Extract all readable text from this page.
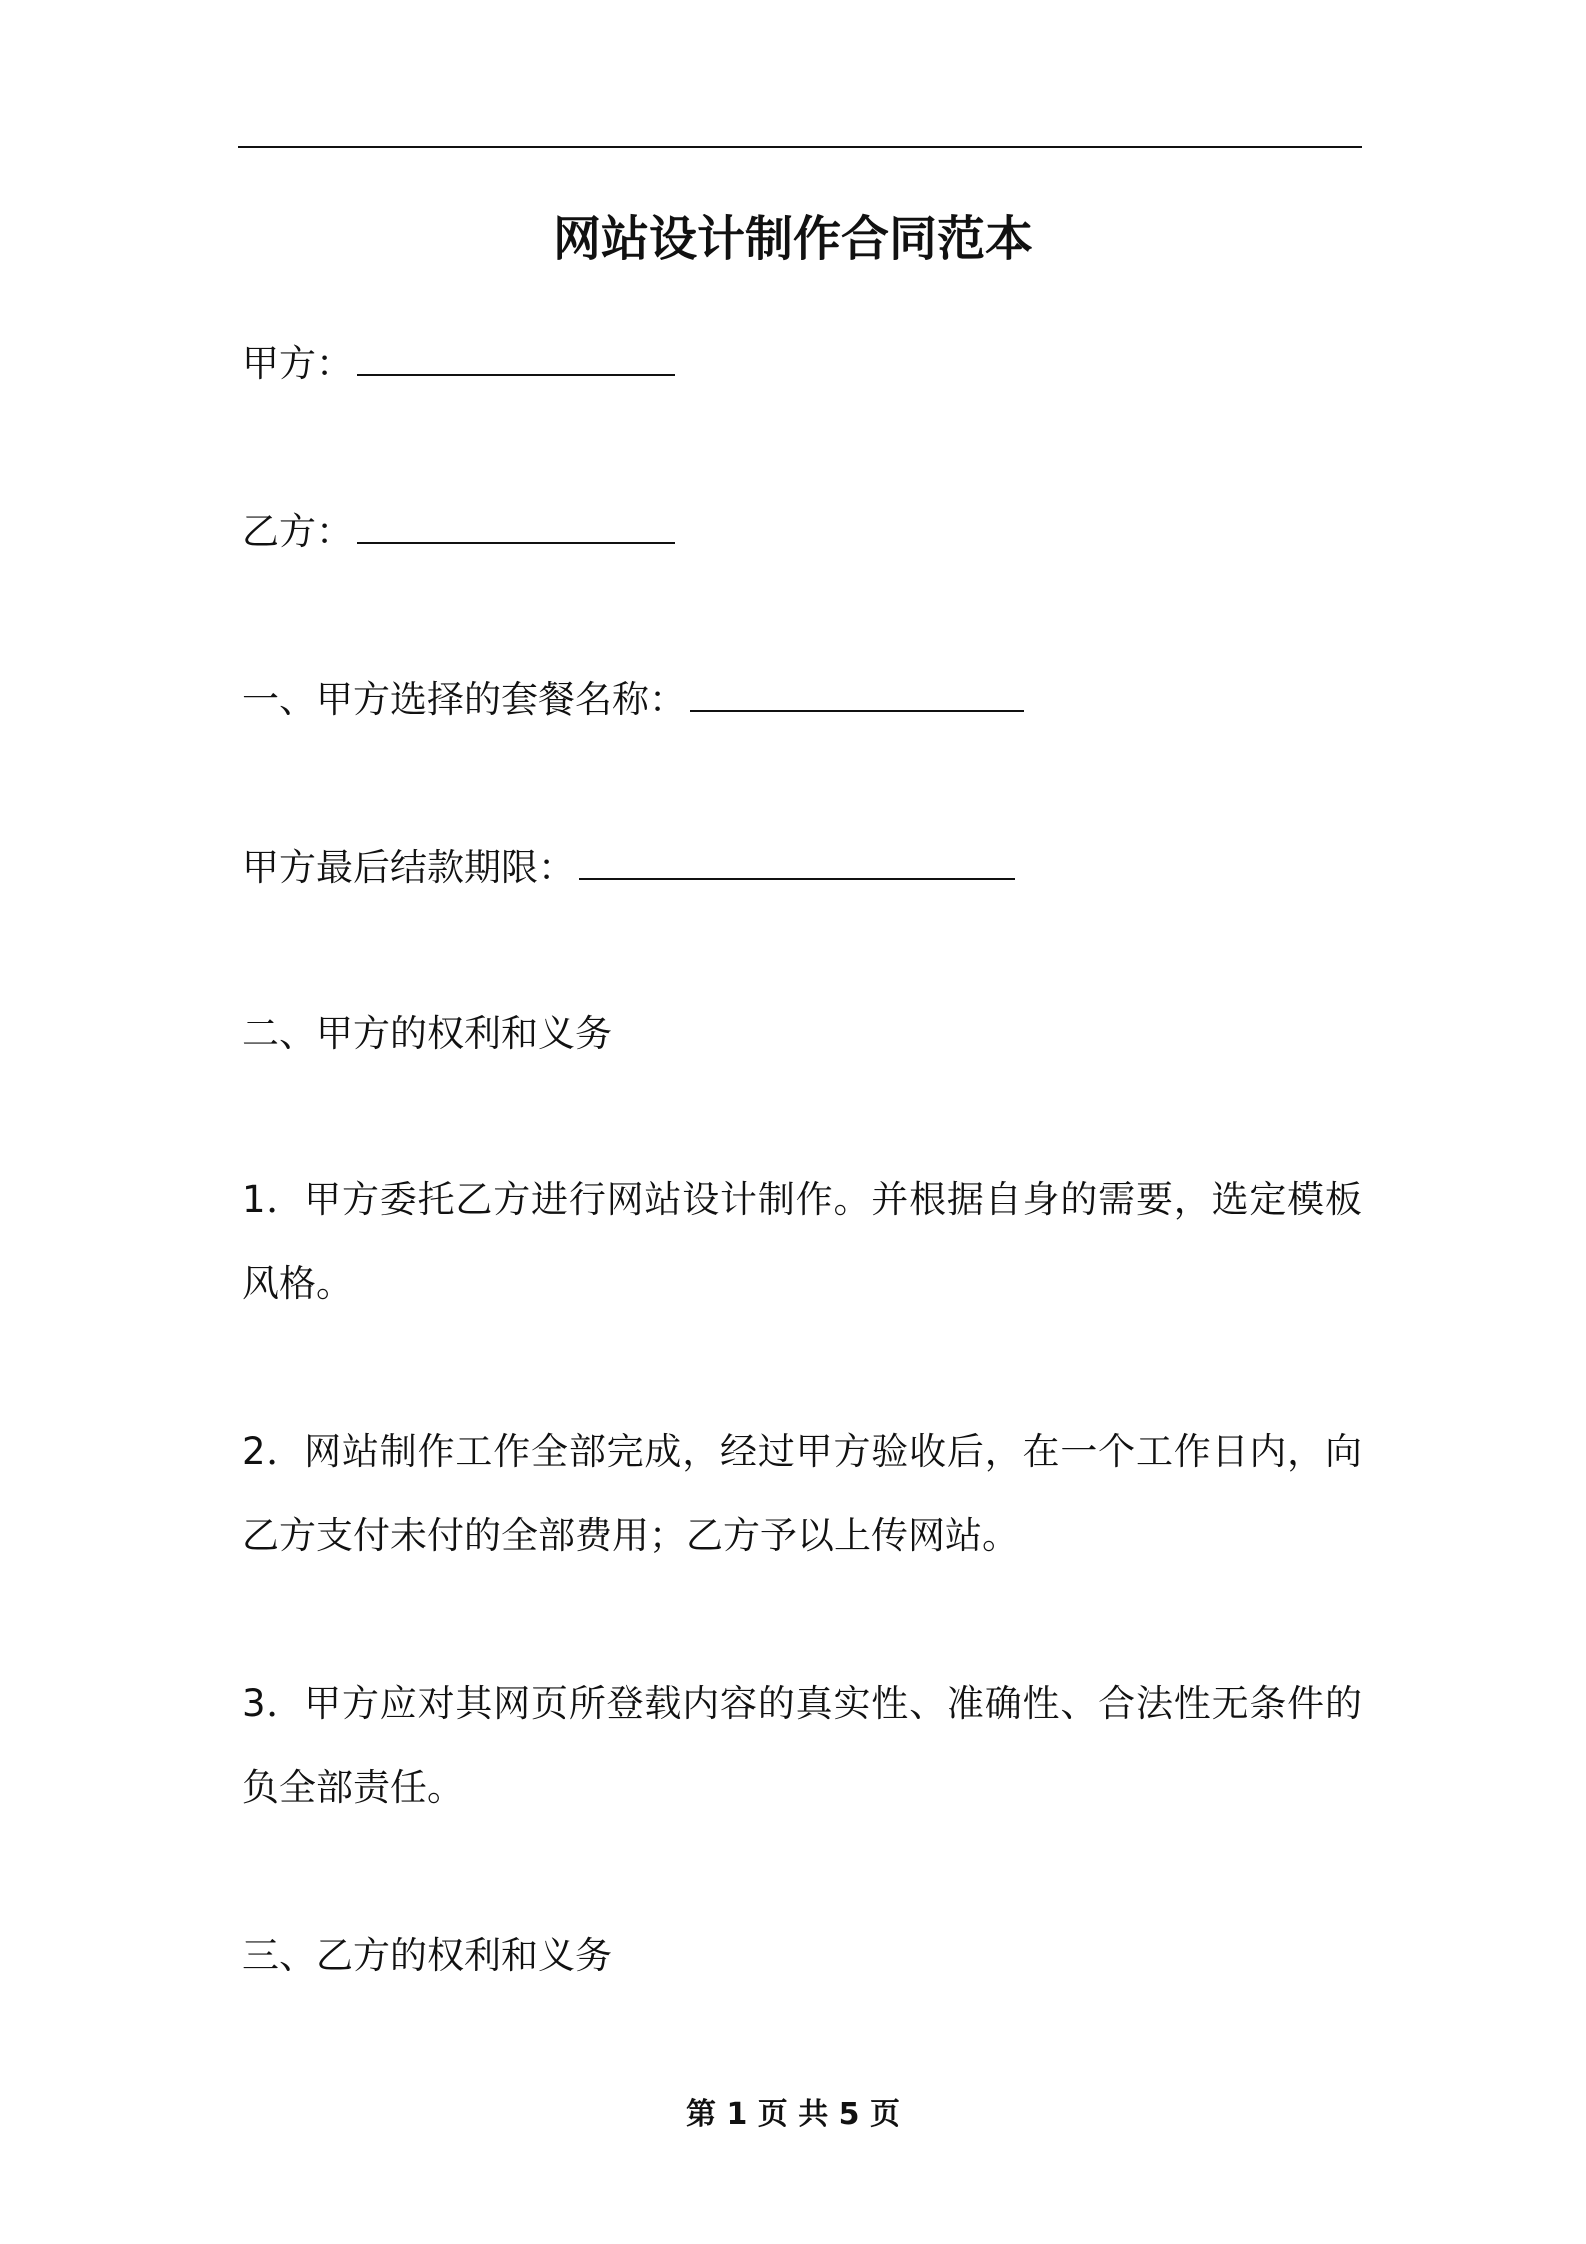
网站设计制作合同范本
甲方：
乙方：
一、甲方选择的套餐名称：
甲方最后结款期限：
二、甲方的权利和义务
1．甲方委托乙方进行网站设计制作。并根据自身的需要，选定模板风格。
2．网站制作工作全部完成，经过甲方验收后，在一个工作日内，向乙方支付未付的全部费用；乙方予以上传网站。
3．甲方应对其网页所登载内容的真实性、准确性、合法性无条件的负全部责任。
三、乙方的权利和义务
第 1 页 共 5 页
